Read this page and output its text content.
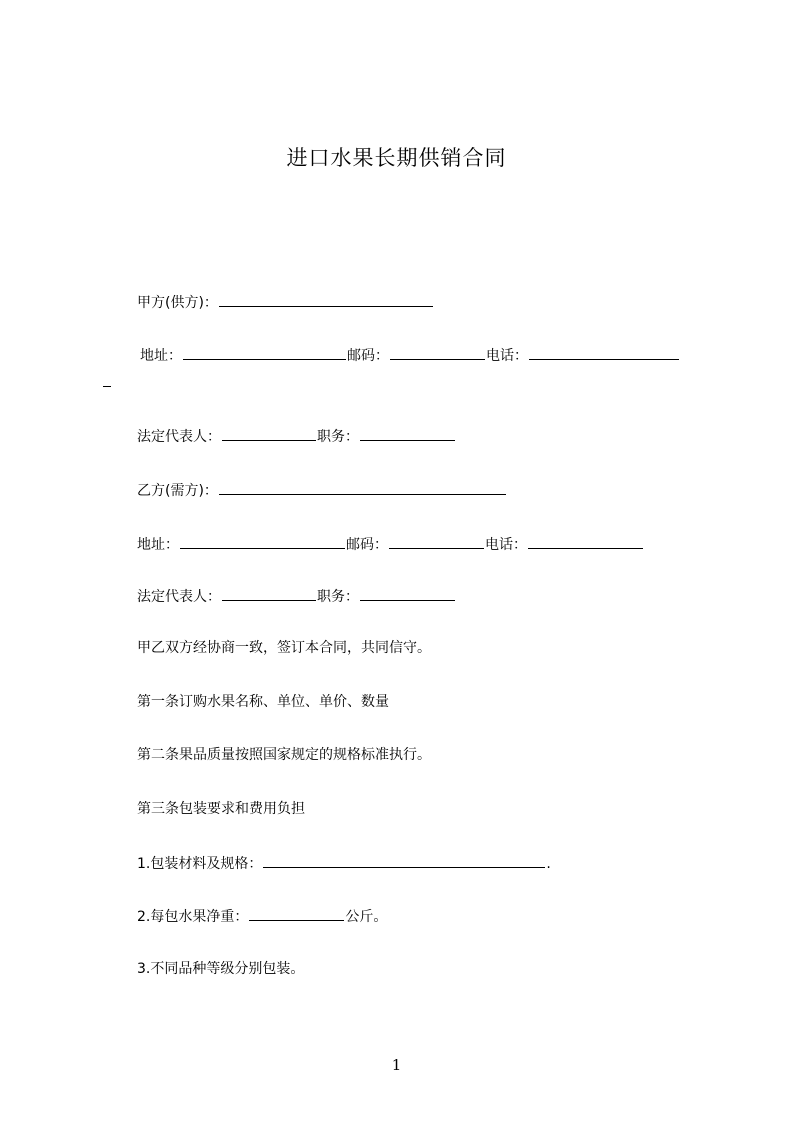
进口水果长期供销合同
甲方(供方)：
地址：	邮码：	电话：
法定代表人：	职务：
乙方(需方)：
地址：	邮码：	电话：
法定代表人：	职务：
甲乙双方经协商一致，签订本合同，共同信守。
第一条订购水果名称、单位、单价、数量
第二条果品质量按照国家规定的规格标准执行。
第三条包装要求和费用负担
1.包装材料及规格：	.
2.每包水果净重：	公斤。
3.不同品种等级分别包装。
1
